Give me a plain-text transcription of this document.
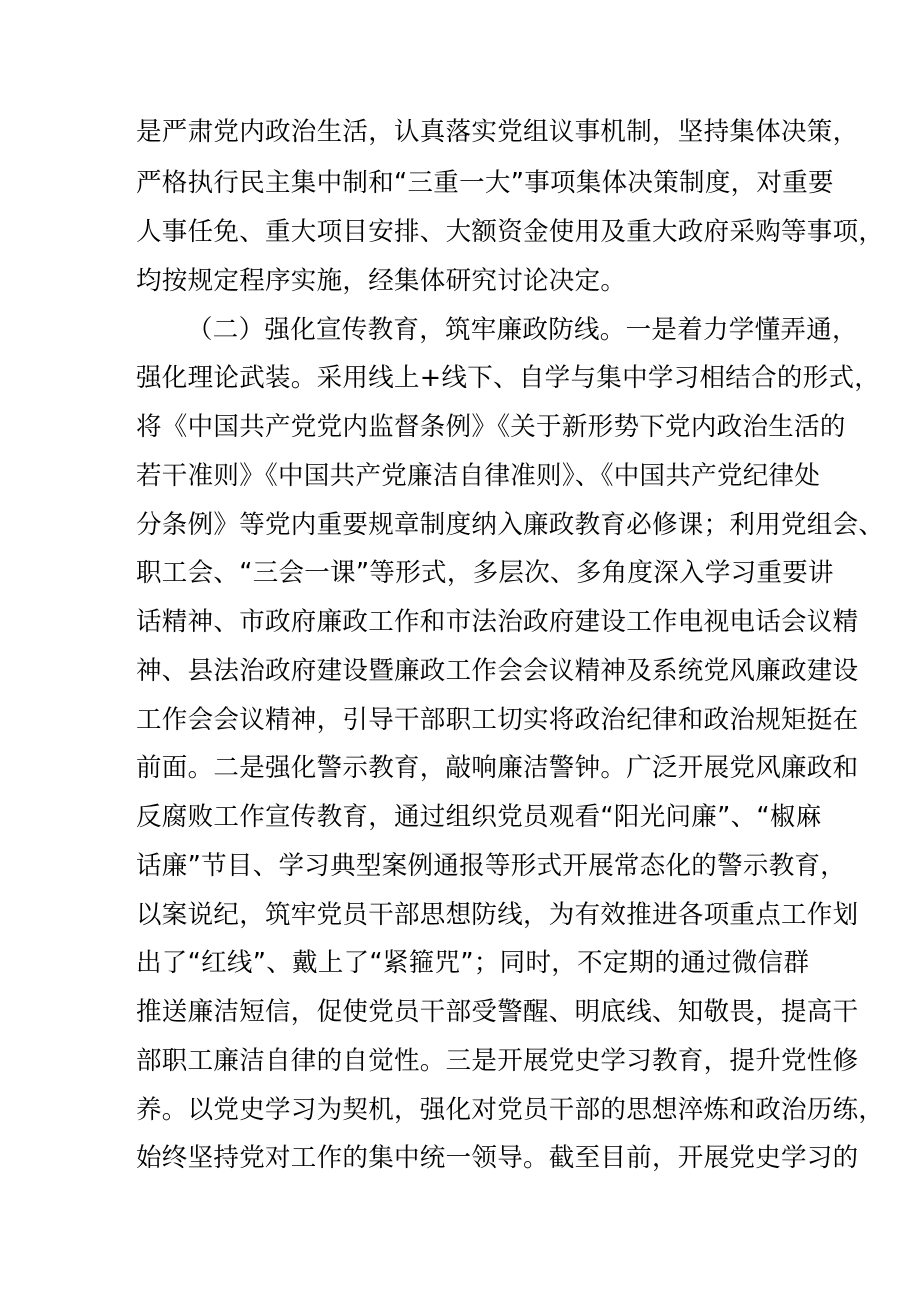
是严肃党内政治生活，认真落实党组议事机制，坚持集体决策，
严格执行民主集中制和“三重一大”事项集体决策制度，对重要
人事任免、重大项目安排、大额资金使用及重大政府采购等事项，
均按规定程序实施，经集体研究讨论决定。
（二）强化宣传教育，筑牢廉政防线。一是着力学懂弄通，
强化理论武装。采用线上+线下、自学与集中学习相结合的形式，
将《中国共产党党内监督条例》《关于新形势下党内政治生活的
若干准则》《中国共产党廉洁自律准则》、《中国共产党纪律处
分条例》等党内重要规章制度纳入廉政教育必修课；利用党组会、
职工会、“三会一课”等形式，多层次、多角度深入学习重要讲
话精神、市政府廉政工作和市法治政府建设工作电视电话会议精
神、县法治政府建设暨廉政工作会会议精神及系统党风廉政建设
工作会会议精神，引导干部职工切实将政治纪律和政治规矩挺在
前面。二是强化警示教育，敲响廉洁警钟。广泛开展党风廉政和
反腐败工作宣传教育，通过组织党员观看“阳光问廉”、“椒麻
话廉”节目、学习典型案例通报等形式开展常态化的警示教育，
以案说纪，筑牢党员干部思想防线，为有效推进各项重点工作划
出了“红线”、戴上了“紧箍咒”；同时，不定期的通过微信群
推送廉洁短信，促使党员干部受警醒、明底线、知敬畏，提高干
部职工廉洁自律的自觉性。三是开展党史学习教育，提升党性修
养。以党史学习为契机，强化对党员干部的思想淬炼和政治历练，
始终坚持党对工作的集中统一领导。截至目前，开展党史学习的
